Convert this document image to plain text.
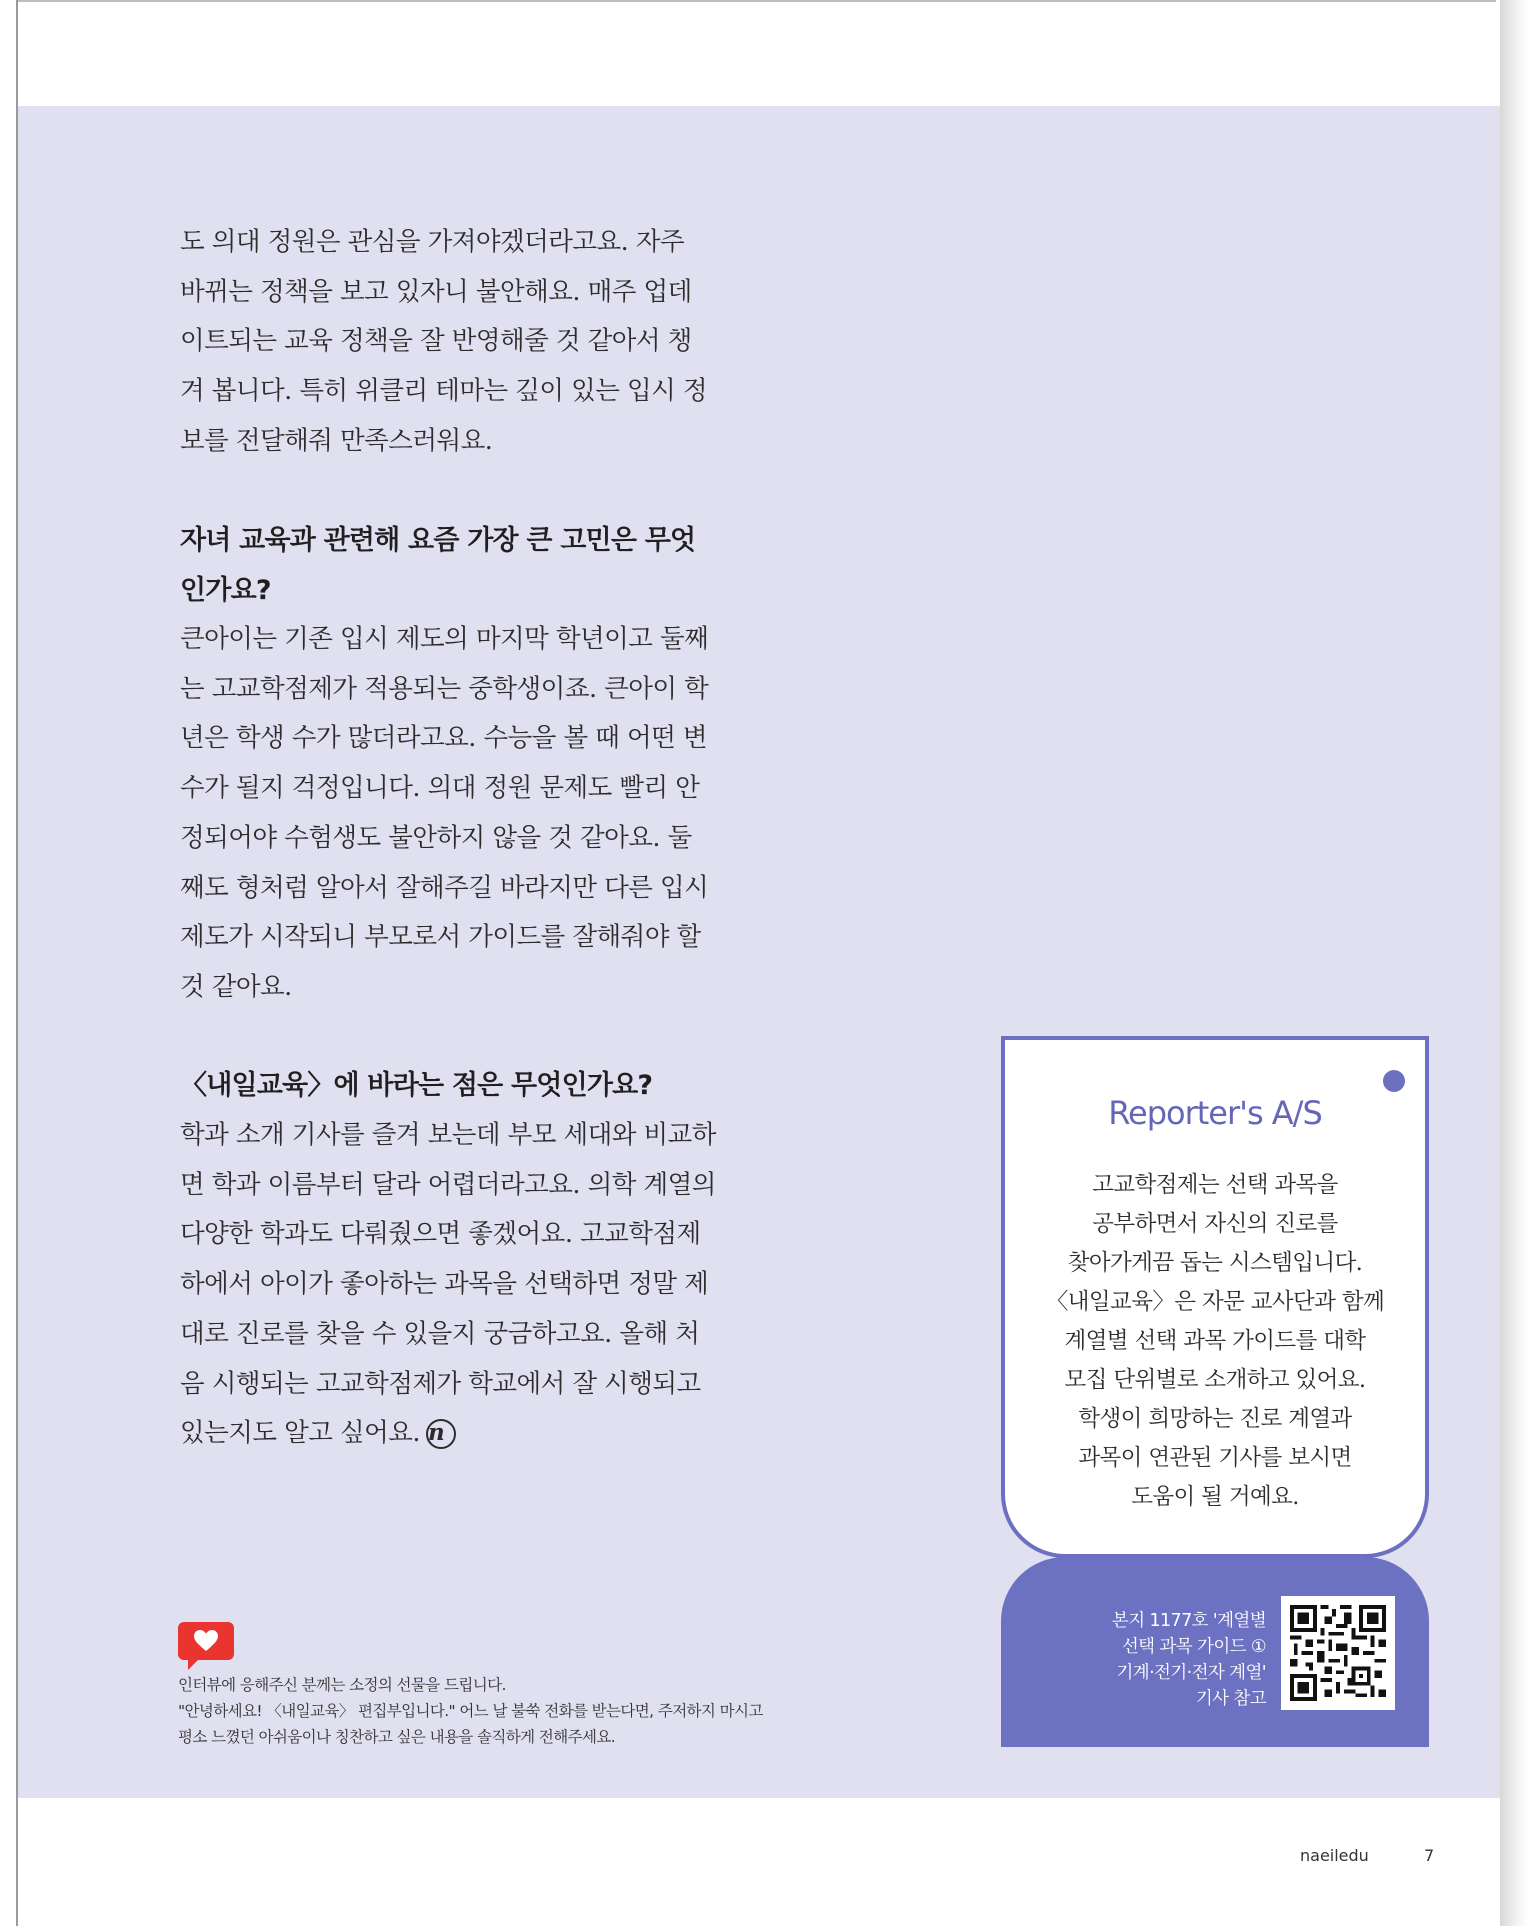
도 의대 정원은 관심을 가져야겠더라고요. 자주
바뀌는 정책을 보고 있자니 불안해요. 매주 업데
이트되는 교육 정책을 잘 반영해줄 것 같아서 챙
겨 봅니다. 특히 위클리 테마는 깊이 있는 입시 정
보를 전달해줘 만족스러워요.

자녀 교육과 관련해 요즘 가장 큰 고민은 무엇
인가요?

큰아이는 기존 입시 제도의 마지막 학년이고 둘째
는 고교학점제가 적용되는 중학생이죠. 큰아이 학
년은 학생 수가 많더라고요. 수능을 볼 때 어떤 변
수가 될지 걱정입니다. 의대 정원 문제도 빨리 안
정되어야 수험생도 불안하지 않을 것 같아요. 둘
째도 형처럼 알아서 잘해주길 바라지만 다른 입시
제도가 시작되니 부모로서 가이드를 잘해줘야 할
것 같아요.

〈내일교육〉에 바라는 점은 무엇인가요?

학과 소개 기사를 즐겨 보는데 부모 세대와 비교하
면 학과 이름부터 달라 어렵더라고요. 의학 계열의
다양한 학과도 다뤄줬으면 좋겠어요. 고교학점제
하에서 아이가 좋아하는 과목을 선택하면 정말 제
대로 진로를 찾을 수 있을지 궁금하고요. 올해 처
음 시행되는 고교학점제가 학교에서 잘 시행되고
있는지도 알고 싶어요. n

Reporter's A/S
고교학점제는 선택 과목을
공부하면서 자신의 진로를
찾아가게끔 돕는 시스템입니다.
〈내일교육〉은 자문 교사단과 함께
계열별 선택 과목 가이드를 대학
모집 단위별로 소개하고 있어요.
학생이 희망하는 진로 계열과
과목이 연관된 기사를 보시면
도움이 될 거예요.
본지 1177호 '계열별
선택 과목 가이드 ①
기계·전기·전자 계열'
기사 참고
인터뷰에 응해주신 분께는 소정의 선물을 드립니다.
"안녕하세요! 〈내일교육〉 편집부입니다." 어느 날 불쑥 전화를 받는다면, 주저하지 마시고
평소 느꼈던 아쉬움이나 칭찬하고 싶은 내용을 솔직하게 전해주세요.
naeiledu	7
